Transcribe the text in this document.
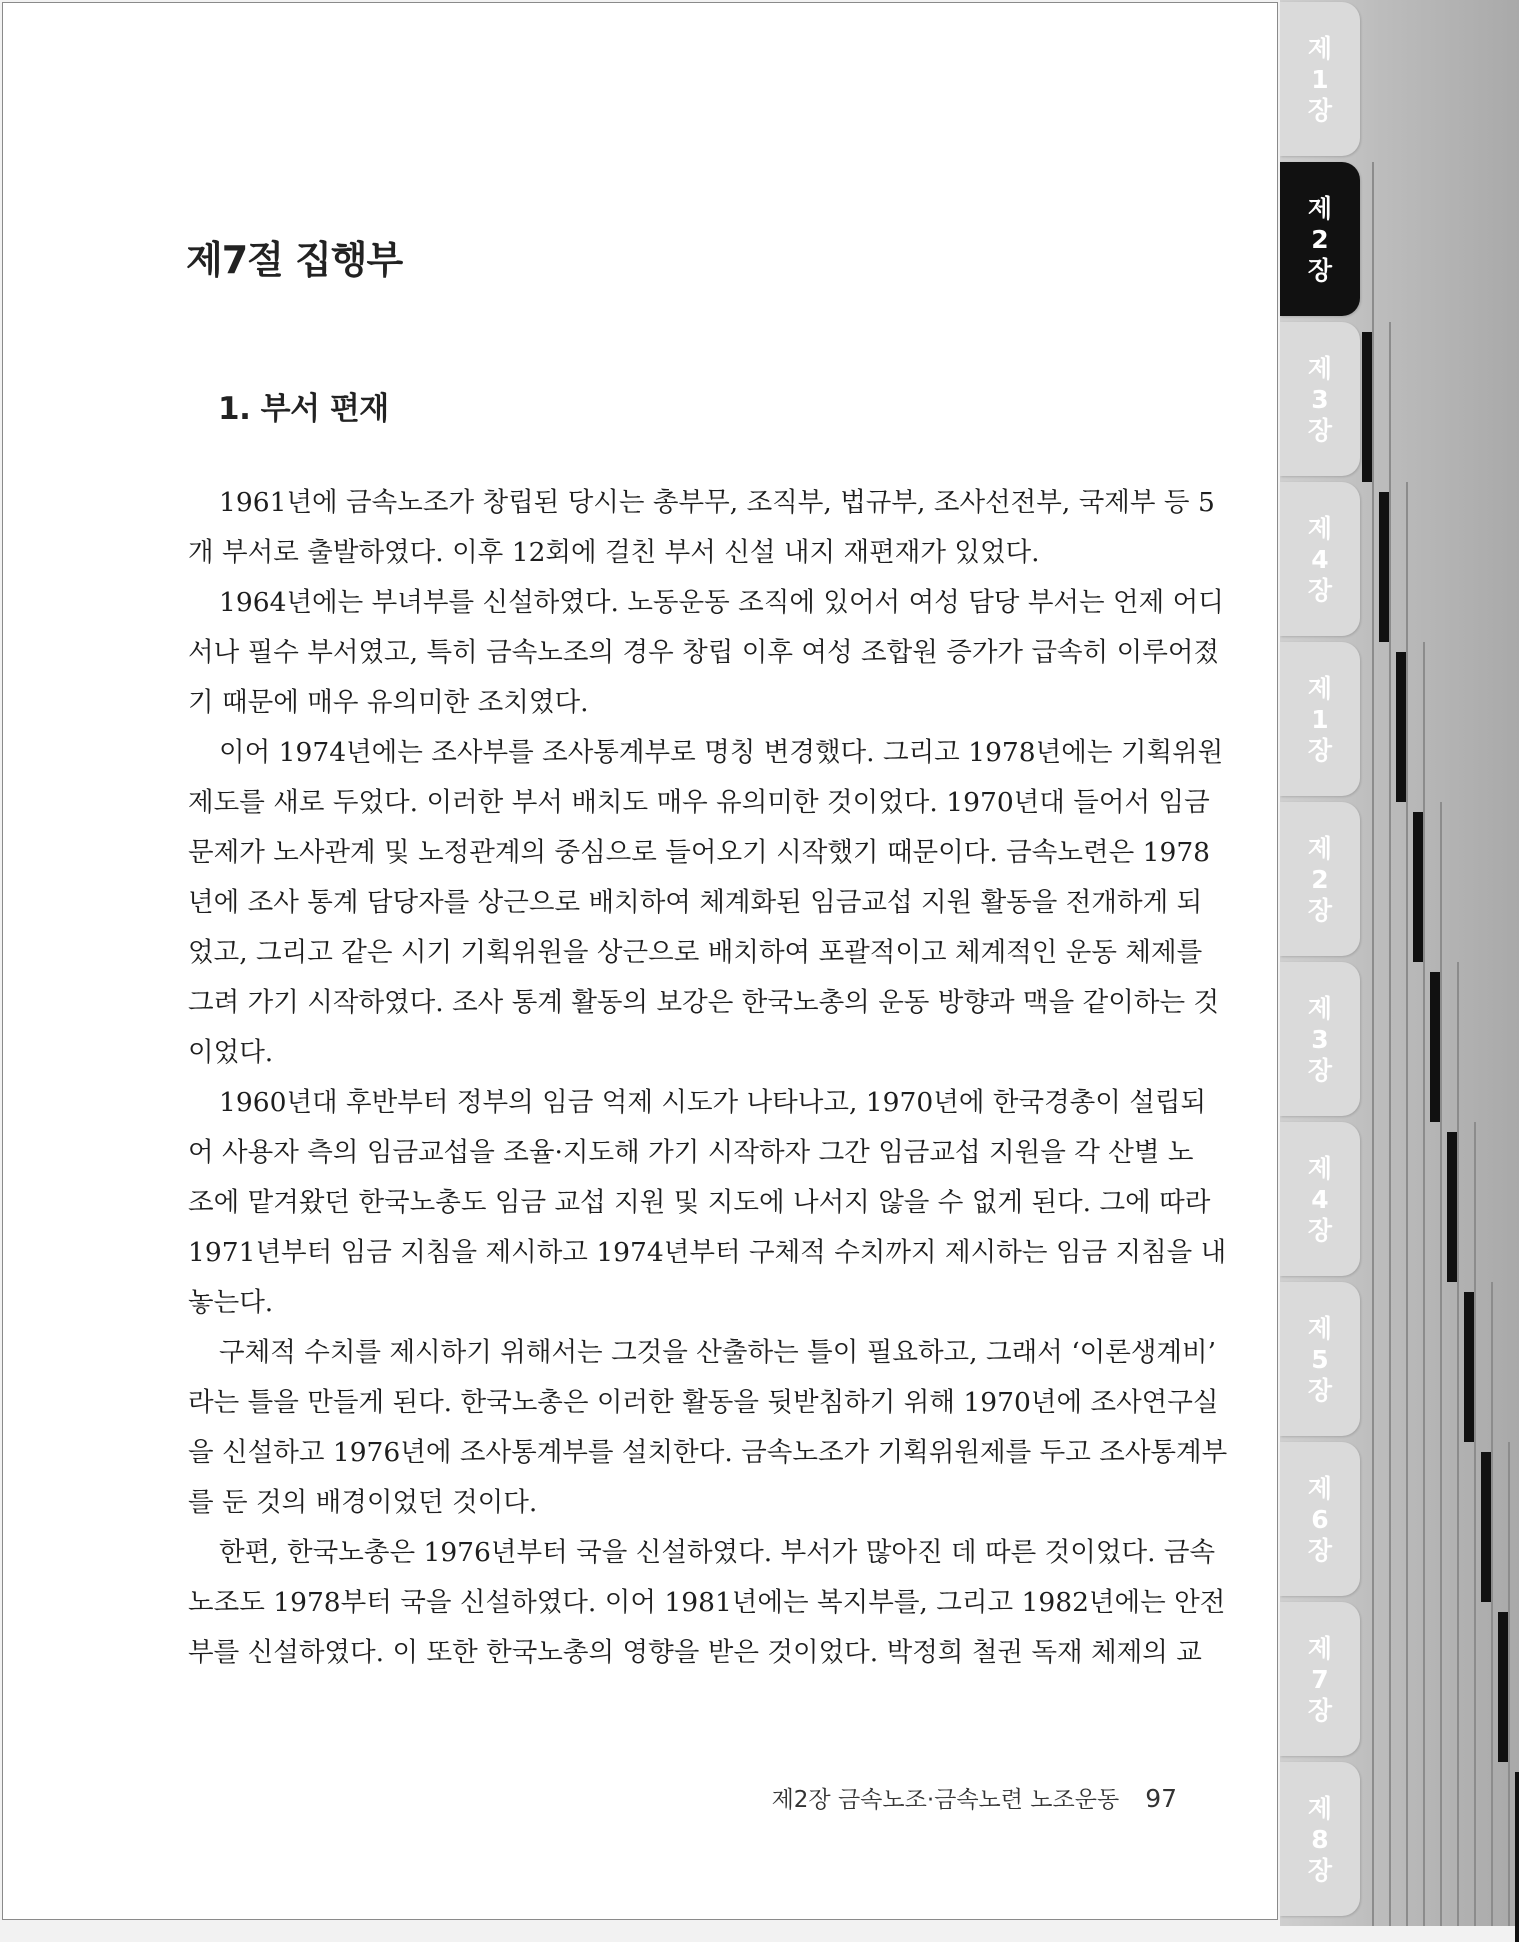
제7절 집행부
1. 부서 편재
1961년에 금속노조가 창립된 당시는 총부무, 조직부, 법규부, 조사선전부, 국제부 등 5
개 부서로 출발하였다. 이후 12회에 걸친 부서 신설 내지 재편재가 있었다.
1964년에는 부녀부를 신설하였다. 노동운동 조직에 있어서 여성 담당 부서는 언제 어디
서나 필수 부서였고, 특히 금속노조의 경우 창립 이후 여성 조합원 증가가 급속히 이루어졌
기 때문에 매우 유의미한 조치였다.
이어 1974년에는 조사부를 조사통계부로 명칭 변경했다. 그리고 1978년에는 기획위원
제도를 새로 두었다. 이러한 부서 배치도 매우 유의미한 것이었다. 1970년대 들어서 임금
문제가 노사관계 및 노정관계의 중심으로 들어오기 시작했기 때문이다. 금속노련은 1978
년에 조사 통계 담당자를 상근으로 배치하여 체계화된 임금교섭 지원 활동을 전개하게 되
었고, 그리고 같은 시기 기획위원을 상근으로 배치하여 포괄적이고 체계적인 운동 체제를
그려 가기 시작하였다. 조사 통계 활동의 보강은 한국노총의 운동 방향과 맥을 같이하는 것
이었다.
1960년대 후반부터 정부의 임금 억제 시도가 나타나고, 1970년에 한국경총이 설립되
어 사용자 측의 임금교섭을 조율·지도해 가기 시작하자 그간 임금교섭 지원을 각 산별 노
조에 맡겨왔던 한국노총도 임금 교섭 지원 및 지도에 나서지 않을 수 없게 된다. 그에 따라
1971년부터 임금 지침을 제시하고 1974년부터 구체적 수치까지 제시하는 임금 지침을 내
놓는다.
구체적 수치를 제시하기 위해서는 그것을 산출하는 틀이 필요하고, 그래서 ‘이론생계비’
라는 틀을 만들게 된다. 한국노총은 이러한 활동을 뒷받침하기 위해 1970년에 조사연구실
을 신설하고 1976년에 조사통계부를 설치한다. 금속노조가 기획위원제를 두고 조사통계부
를 둔 것의 배경이었던 것이다.
한편, 한국노총은 1976년부터 국을 신설하였다. 부서가 많아진 데 따른 것이었다. 금속
노조도 1978부터 국을 신설하였다. 이어 1981년에는 복지부를, 그리고 1982년에는 안전
부를 신설하였다. 이 또한 한국노총의 영향을 받은 것이었다. 박정희 철권 독재 체제의 교
제2장 금속노조·금속노련 노조운동 97
제
1
장
제
2
장
제
3
장
제
4
장
제
1
장
제
2
장
제
3
장
제
4
장
제
5
장
제
6
장
제
7
장
제
8
장
